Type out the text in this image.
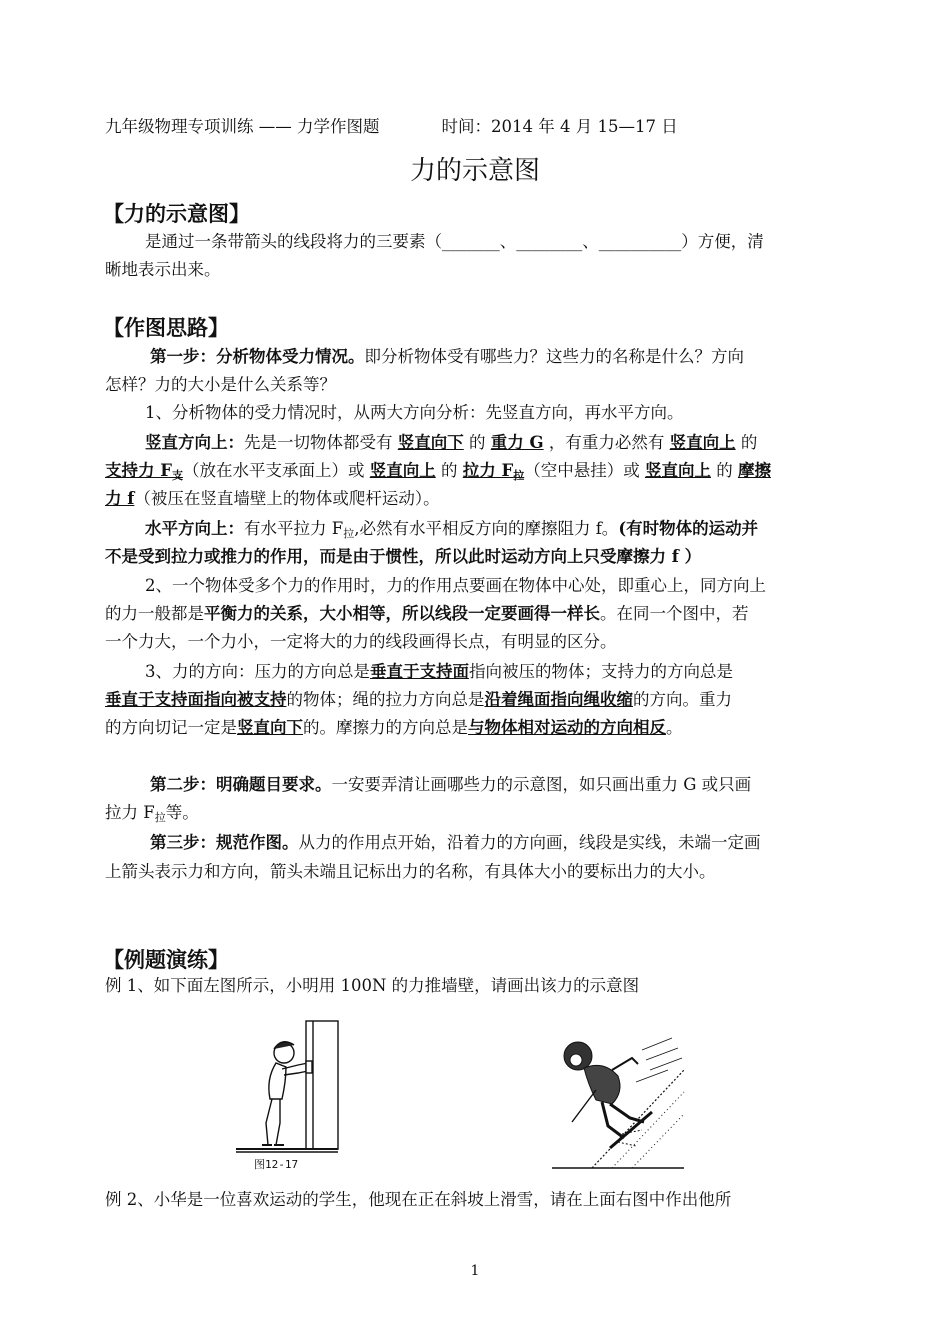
九年级物理专项训练 —— 力学作图题	时间：2014 年 4 月 15—17 日
力的示意图
【力的示意图】
是通过一条带箭头的线段将力的三要素（_______、________、__________）方便，清
晰地表示出来。
【作图思路】
第一步：分析物体受力情况。即分析物体受有哪些力？这些力的名称是什么？方向
怎样？力的大小是什么关系等？
1、分析物体的受力情况时，从两大方向分析：先竖直方向，再水平方向。
竖直方向上：先是一切物体都受有 竖直向下 的 重力 G ，有重力必然有 竖直向上 的
支持力 $F_支$（放在水平支承面上）或 竖直向上 的 拉力 $F_拉$（空中悬挂）或 竖直向上 的 摩擦
力 f（被压在竖直墙壁上的物体或爬杆运动）。
水平方向上：有水平拉力 $F_拉$,必然有水平相反方向的摩擦阻力 f。(有时物体的运动并
不是受到拉力或推力的作用，而是由于惯性，所以此时运动方向上只受摩擦力 f ）
2、一个物体受多个力的作用时，力的作用点要画在物体中心处，即重心上，同方向上
的力一般都是平衡力的关系，大小相等，所以线段一定要画得一样长。在同一个图中，若
一个力大，一个力小，一定将大的力的线段画得长点，有明显的区分。
3、力的方向：压力的方向总是垂直于支持面指向被压的物体；支持力的方向总是
垂直于支持面指向被支持的物体；绳的拉力方向总是沿着绳面指向绳收缩的方向。重力
的方向切记一定是竖直向下的。摩擦力的方向总是与物体相对运动的方向相反。
第二步：明确题目要求。一安要弄清让画哪些力的示意图，如只画出重力 G 或只画
拉力 $F_拉$等。
第三步：规范作图。从力的作用点开始，沿着力的方向画，线段是实线，未端一定画
上箭头表示力和方向，箭头未端且记标出力的名称，有具体大小的要标出力的大小。
【例题演练】
例 1、如下面左图所示，小明用 100N 的力推墙壁，请画出该力的示意图
图12-17
例 2、小华是一位喜欢运动的学生，他现在正在斜坡上滑雪，请在上面右图中作出他所
1
